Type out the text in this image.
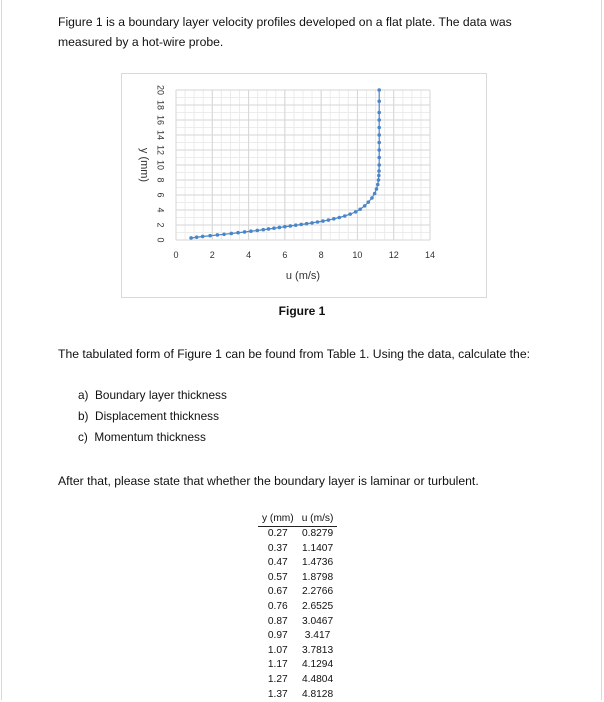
Figure 1 is a boundary layer velocity profiles developed on a flat plate. The data was measured by a hot-wire probe.

0	2	4	6	8	10	12	14
0
2
4
6
8
10
12
14
16
18
20
u (m/s)
y (mm)
Figure 1

The tabulated form of Figure 1 can be found from Table 1. Using the data, calculate the:

a)  Boundary layer thickness
b)  Displacement thickness
c)  Momentum thickness

After that, please state that whether the boundary layer is laminar or turbulent.

y (mm)	u (m/s)
0.27	0.8279
0.37	1.1407
0.47	1.4736
0.57	1.8798
0.67	2.2766
0.76	2.6525
0.87	3.0467
0.97	3.417
1.07	3.7813
1.17	4.1294
1.27	4.4804
1.37	4.8128
